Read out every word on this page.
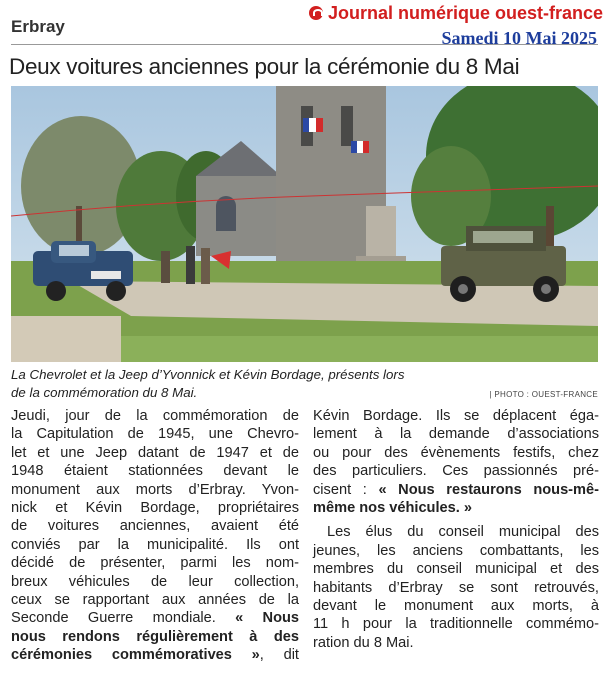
Journal numérique ouest-france
Samedi 10 Mai 2025
Erbray
Deux voitures anciennes pour la cérémonie du 8 Mai
La Chevrolet et la Jeep d’Yvonnick et Kévin Bordage, présents lors
de la commémoration du 8 Mai.	| PHOTO : OUEST-FRANCE
Jeudi, jour de la commémoration de
la Capitulation de 1945, une Chevro-
let et une Jeep datant de 1947 et de
1948 étaient stationnées devant le
monument aux morts d’Erbray. Yvon-
nick et Kévin Bordage, propriétaires
de voitures anciennes, avaient été
conviés par la municipalité. Ils ont
décidé de présenter, parmi les nom-
breux véhicules de leur collection,
ceux se rapportant aux années de la
Seconde Guerre mondiale. « Nous
nous rendons régulièrement à des
cérémonies commémoratives », dit
Kévin Bordage. Ils se déplacent éga-
lement à la demande d’associations
ou pour des évènements festifs, chez
des particuliers. Ces passionnés pré-
cisent : « Nous restaurons nous-mê-
même nos véhicules. »
Les élus du conseil municipal des
jeunes, les anciens combattants, les
membres du conseil municipal et des
habitants d’Erbray se sont retrouvés,
devant le monument aux morts, à
11 h pour la traditionnelle commémo-
ration du 8 Mai.
